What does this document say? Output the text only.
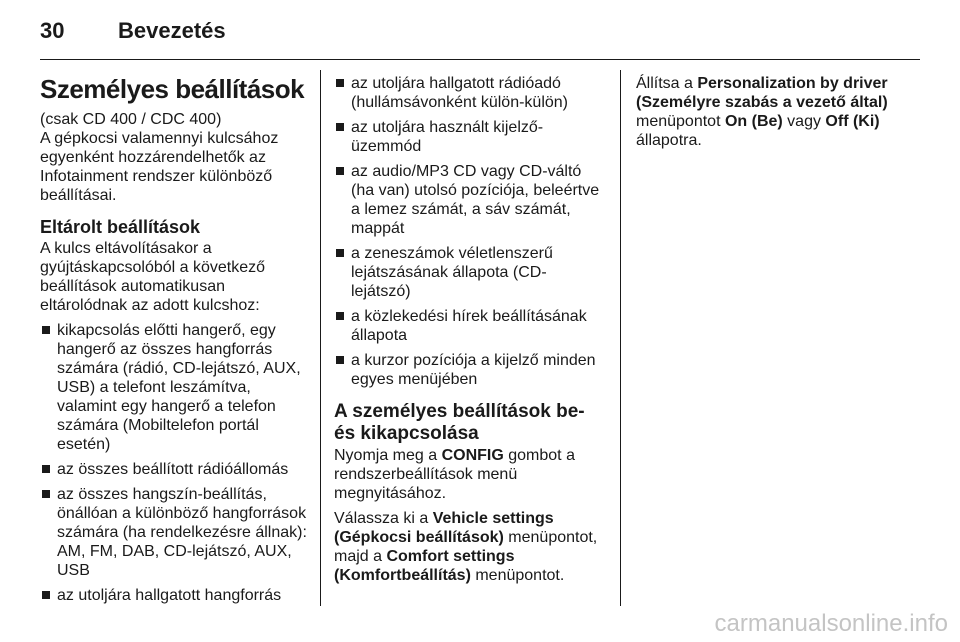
30 Bevezetés
Személyes beállítások

(csak CD 400 / CDC 400)

A gépkocsi valamennyi kulcsához egyenként hozzárendelhetők az Infotainment rendszer különböző beállításai.

Eltárolt beállítások

A kulcs eltávolításakor a gyújtáskapcsolóból a következő beállítások automatikusan eltárolódnak az adott kulcshoz:

kikapcsolás előtti hangerő, egy hangerő az összes hangforrás számára (rádió, CD-lejátszó, AUX, USB) a telefont leszámítva, valamint egy hangerő a telefon számára (Mobiltelefon portál esetén)
az összes beállított rádióállomás
az összes hangszín-beállítás, önállóan a különböző hangforrások számára (ha rendelkezésre állnak): AM, FM, DAB, CD-lejátszó, AUX, USB
az utoljára hallgatott hangforrás
az utoljára hallgatott rádióadó (hullámsávonként külön-külön)
az utoljára használt kijelző-üzemmód
az audio/MP3 CD vagy CD-váltó (ha van) utolsó pozíciója, beleértve a lemez számát, a sáv számát, mappát
a zeneszámok véletlenszerű lejátszásának állapota (CD-lejátszó)
a közlekedési hírek beállításának állapota
a kurzor pozíciója a kijelző minden egyes menüjében
A személyes beállítások be- és kikapcsolása

Nyomja meg a CONFIG gombot a rendszerbeállítások menü megnyitásához.

Válassza ki a Vehicle settings (Gépkocsi beállítások) menüpontot, majd a Comfort settings (Komfortbeállítás) menüpontot.

Állítsa a Personalization by driver (Személyre szabás a vezető által) menüpontot On (Be) vagy Off (Ki) állapotra.

carmanualsonline.info
